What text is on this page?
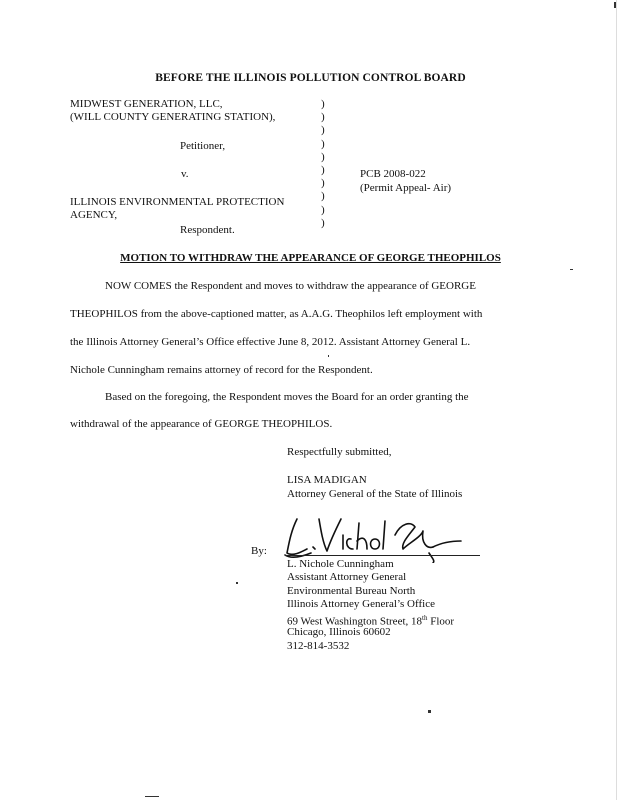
BEFORE THE ILLINOIS POLLUTION CONTROL BOARD
MIDWEST GENERATION, LLC,
(WILL COUNTY GENERATING STATION),
Petitioner,
v.
ILLINOIS ENVIRONMENTAL PROTECTION
AGENCY,
Respondent.
)
)
)
)
)
)
)
)
)
)
PCB 2008-022
(Permit Appeal- Air)
MOTION TO WITHDRAW THE APPEARANCE OF GEORGE THEOPHILOS
NOW COMES the Respondent and moves to withdraw the appearance of GEORGE
THEOPHILOS from the above-captioned matter, as A.A.G. Theophilos left employment with
the Illinois Attorney General’s Office effective June 8, 2012. Assistant Attorney General L.
Nichole Cunningham remains attorney of record for the Respondent.
Based on the foregoing, the Respondent moves the Board for an order granting the
withdrawal of the appearance of GEORGE THEOPHILOS.
Respectfully submitted,
LISA MADIGAN
Attorney General of the State of Illinois
By:
L. Nichole Cunningham
Assistant Attorney General
Environmental Bureau North
Illinois Attorney General’s Office
69 West Washington Street, 18th Floor
Chicago, Illinois 60602
312-814-3532
